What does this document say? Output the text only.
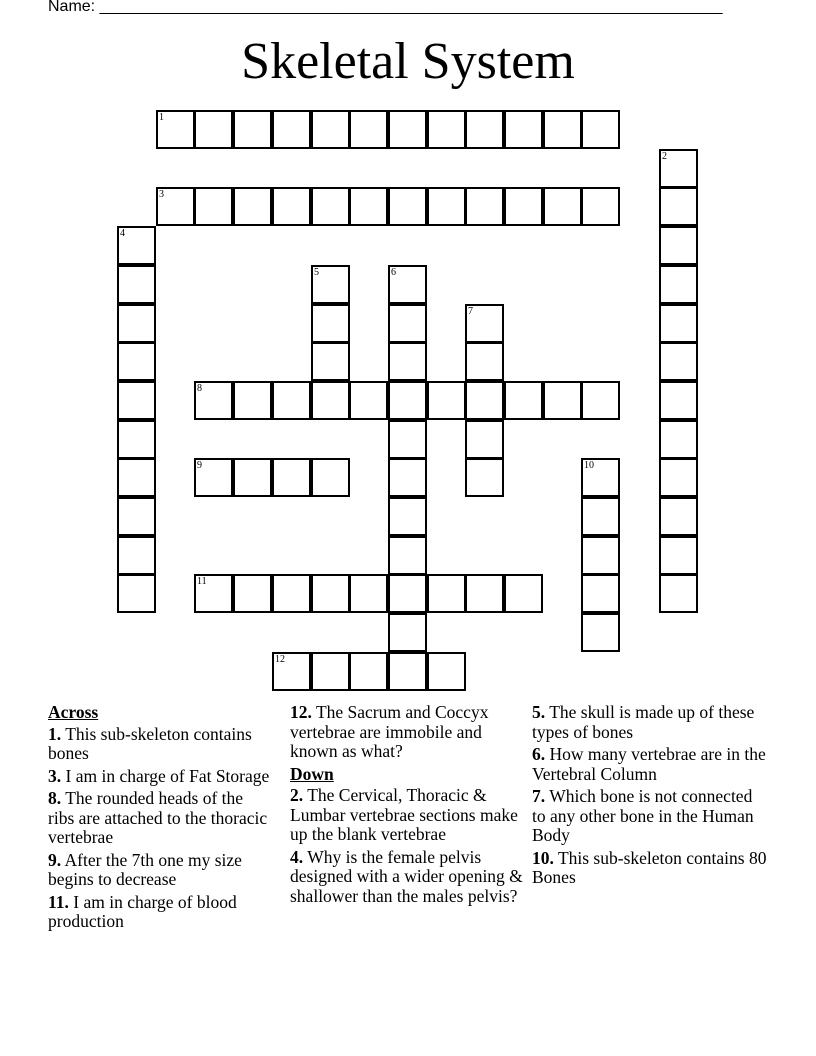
Name: ______________________________________________________________________
Skeletal System
1
2
3
4
5	6
7
8
9	10
11
12
Across
1. This sub-skeleton contains bones
3. I am in charge of Fat Storage
8. The rounded heads of the ribs are attached to the thoracic vertebrae
9. After the 7th one my size begins to decrease
11. I am in charge of blood production
12. The Sacrum and Coccyx vertebrae are immobile and known as what?
Down
2. The Cervical, Thoracic & Lumbar vertebrae sections make up the blank vertebrae
4. Why is the female pelvis designed with a wider opening & shallower than the males pelvis?
5. The skull is made up of these types of bones
6. How many vertebrae are in the Vertebral Column
7. Which bone is not connected to any other bone in the Human Body
10. This sub-skeleton contains 80 Bones
